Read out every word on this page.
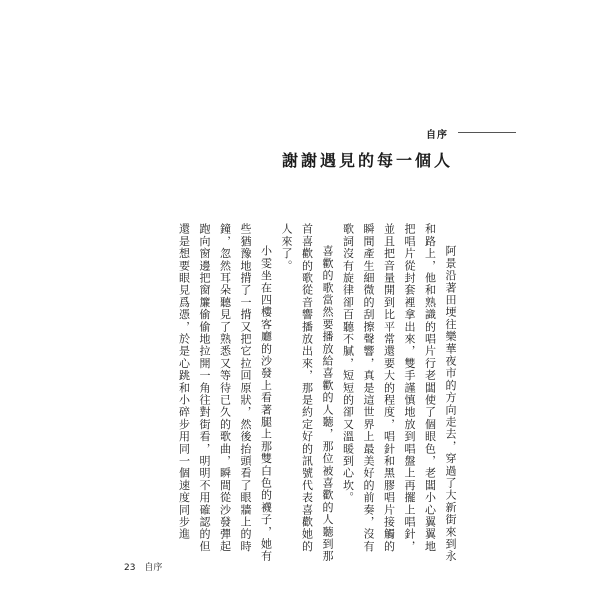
自序
謝謝遇見的每一個人

阿景沿著田埂往樂華夜市的方向走去，穿過了大新街來到永和路上，他和熟識的唱片行老闆使了個眼色，老闆小心翼翼地把唱片從封套裡拿出來，雙手謹慎地放到唱盤上再擺上唱針，並且把音量開到比平常還要大的程度，唱針和黑膠唱片接觸的瞬間產生細微的刮擦聲響，真是這世界上最美好的前奏，沒有歌詞沒有旋律卻百聽不膩，短短的卻又溫暖到心坎。

喜歡的歌當然要播放給喜歡的人聽，那位被喜歡的人聽到那首喜歡的歌從音響播放出來，那是約定好的訊號代表喜歡她的人來了。

小雯坐在四樓客廳的沙發上看著腿上那雙白色的襪子，她有些猶豫地揹了一揹又把它拉回原狀，然後抬頭看了眼牆上的時鐘，忽然耳朵聽見了熟悉又等待已久的歌曲，瞬間從沙發彈起跑向窗邊把窗簾偷偷地拉開一角往對街看，明明不用確認的但還是想要眼見爲憑，於是心跳和小碎步用同一個速度同步進

23 自序
